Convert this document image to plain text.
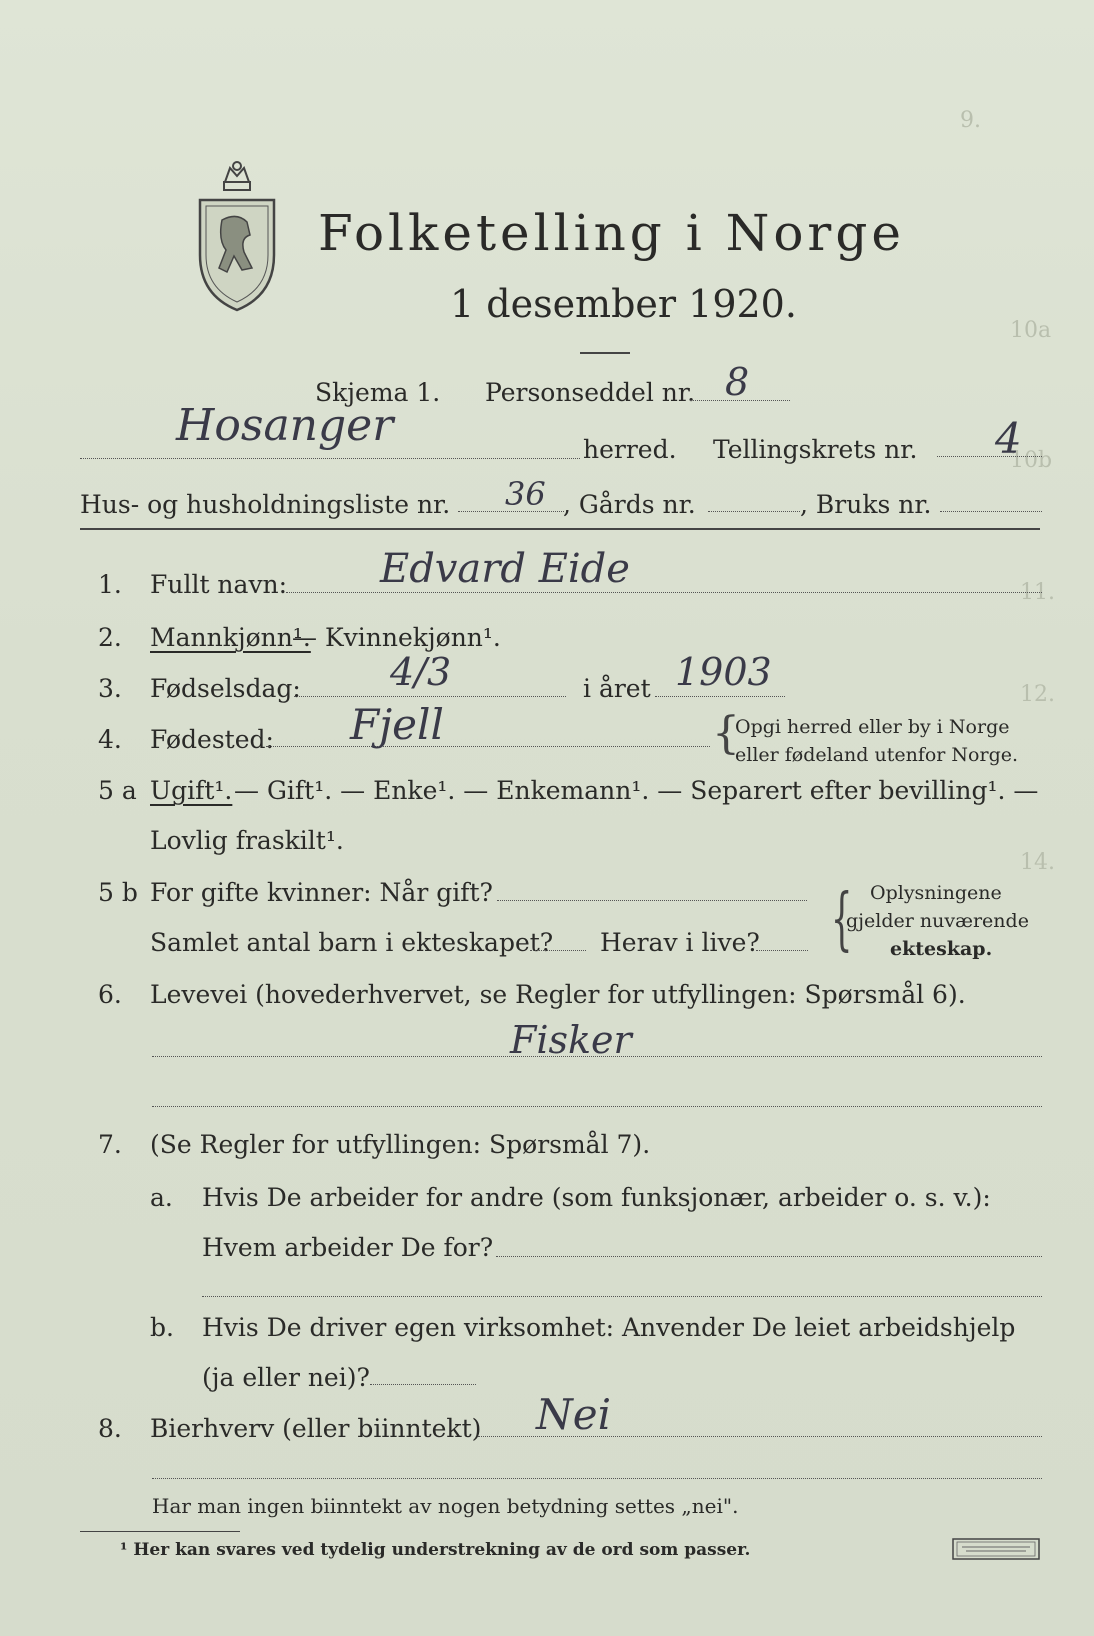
9.
10a
10b
11.
12.
14.
Folketelling i Norge
1 desember 1920.
Skjema 1. Personseddel nr. 8
Hosanger	herred. Tellingskrets nr. 4
Hus- og husholdningsliste nr. 36 , Gårds nr.	, Bruks nr.
1. Fullt navn: Edvard Eide
2. Mannkjønn¹.
— Kvinnekjønn¹.
3. Fødselsdag: 4/3	i året 1903
4. Fødested: Fjell	{
Opgi herred eller by i Norge
eller fødeland utenfor Norge.
5 a Ugift¹. — Gift¹. — Enke¹. — Enkemann¹. — Separert efter bevilling¹. —
Lovlig fraskilt¹.
5 b For gifte kvinner: Når gift?
Samlet antal barn i ekteskapet? Herav i live? { Oplysningene
gjelder nuværende
ekteskap.
6. Levevei (hovederhvervet, se Regler for utfyllingen: Spørsmål 6).
Fisker
7. (Se Regler for utfyllingen: Spørsmål 7).
a. Hvis De arbeider for andre (som funksjonær, arbeider o. s. v.):
Hvem arbeider De for?
b. Hvis De driver egen virksomhet: Anvender De leiet arbeidshjelp
(ja eller nei)?
8. Bierhverv (eller biinntekt) Nei
Har man ingen biinntekt av nogen betydning settes „nei".
¹ Her kan svares ved tydelig understrekning av de ord som passer.
